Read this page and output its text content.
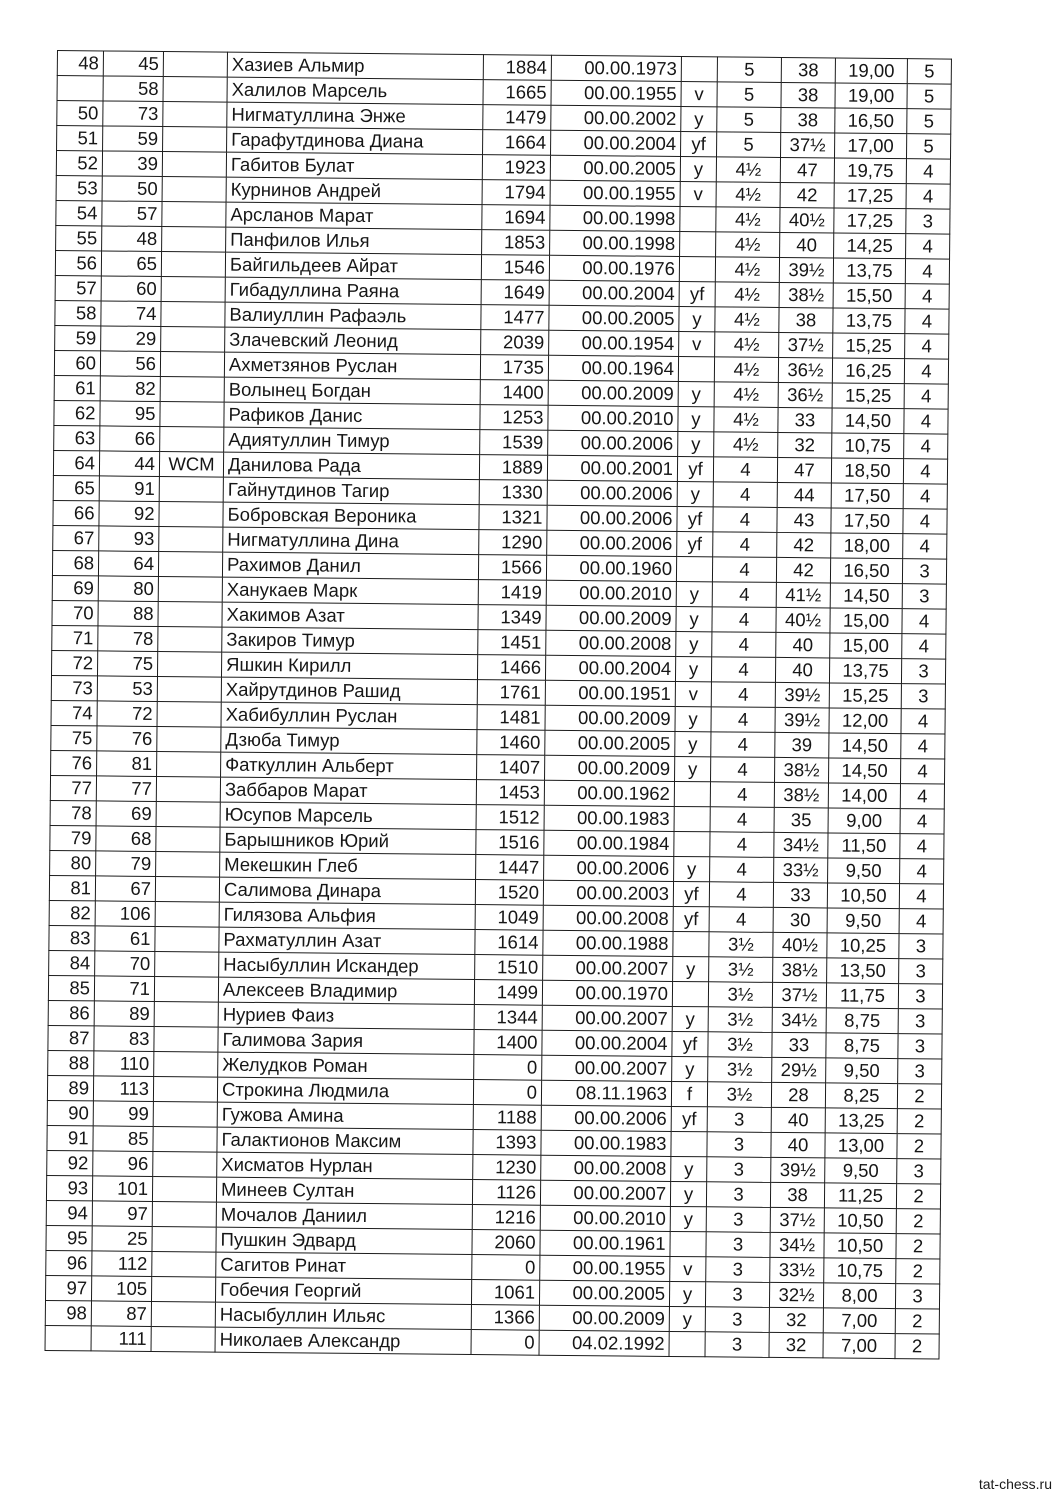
48	45		Хазиев Альмир	1884	00.00.1973		5	38	19,00	5
	58		Халилов Марсель	1665	00.00.1955	v	5	38	19,00	5
50	73		Нигматуллина Энже	1479	00.00.2002	y	5	38	16,50	5
51	59		Гарафутдинова Диана	1664	00.00.2004	yf	5	37½	17,00	5
52	39		Габитов Булат	1923	00.00.2005	y	4½	47	19,75	4
53	50		Курнинов Андрей	1794	00.00.1955	v	4½	42	17,25	4
54	57		Арсланов Марат	1694	00.00.1998		4½	40½	17,25	3
55	48		Панфилов Илья	1853	00.00.1998		4½	40	14,25	4
56	65		Байгильдеев Айрат	1546	00.00.1976		4½	39½	13,75	4
57	60		Гибадуллина Раяна	1649	00.00.2004	yf	4½	38½	15,50	4
58	74		Валиуллин Рафаэль	1477	00.00.2005	y	4½	38	13,75	4
59	29		Злачевский Леонид	2039	00.00.1954	v	4½	37½	15,25	4
60	56		Ахметзянов Руслан	1735	00.00.1964		4½	36½	16,25	4
61	82		Волынец Богдан	1400	00.00.2009	y	4½	36½	15,25	4
62	95		Рафиков Данис	1253	00.00.2010	y	4½	33	14,50	4
63	66		Адиятуллин Тимур	1539	00.00.2006	y	4½	32	10,75	4
64	44	WCM	Данилова Рада	1889	00.00.2001	yf	4	47	18,50	4
65	91		Гайнутдинов Тагир	1330	00.00.2006	y	4	44	17,50	4
66	92		Бобровская Вероника	1321	00.00.2006	yf	4	43	17,50	4
67	93		Нигматуллина Дина	1290	00.00.2006	yf	4	42	18,00	4
68	64		Рахимов Данил	1566	00.00.1960		4	42	16,50	3
69	80		Ханукаев Марк	1419	00.00.2010	y	4	41½	14,50	3
70	88		Хакимов Азат	1349	00.00.2009	y	4	40½	15,00	4
71	78		Закиров Тимур	1451	00.00.2008	y	4	40	15,00	4
72	75		Яшкин Кирилл	1466	00.00.2004	y	4	40	13,75	3
73	53		Хайрутдинов Рашид	1761	00.00.1951	v	4	39½	15,25	3
74	72		Хабибуллин Руслан	1481	00.00.2009	y	4	39½	12,00	4
75	76		Дзюба Тимур	1460	00.00.2005	y	4	39	14,50	4
76	81		Фаткуллин Альберт	1407	00.00.2009	y	4	38½	14,50	4
77	77		Заббаров Марат	1453	00.00.1962		4	38½	14,00	4
78	69		Юсупов Марсель	1512	00.00.1983		4	35	9,00	4
79	68		Барышников Юрий	1516	00.00.1984		4	34½	11,50	4
80	79		Мекешкин Глеб	1447	00.00.2006	y	4	33½	9,50	4
81	67		Салимова Динара	1520	00.00.2003	yf	4	33	10,50	4
82	106		Гилязова Альфия	1049	00.00.2008	yf	4	30	9,50	4
83	61		Рахматуллин Азат	1614	00.00.1988		3½	40½	10,25	3
84	70		Насыбуллин Искандер	1510	00.00.2007	y	3½	38½	13,50	3
85	71		Алексеев Владимир	1499	00.00.1970		3½	37½	11,75	3
86	89		Нуриев Фаиз	1344	00.00.2007	y	3½	34½	8,75	3
87	83		Галимова Зария	1400	00.00.2004	yf	3½	33	8,75	3
88	110		Желудков Роман	0	00.00.2007	y	3½	29½	9,50	3
89	113		Строкина Людмила	0	08.11.1963	f	3½	28	8,25	2
90	99		Гужова Амина	1188	00.00.2006	yf	3	40	13,25	2
91	85		Галактионов Максим	1393	00.00.1983		3	40	13,00	2
92	96		Хисматов Нурлан	1230	00.00.2008	y	3	39½	9,50	3
93	101		Минеев Султан	1126	00.00.2007	y	3	38	11,25	2
94	97		Мочалов Даниил	1216	00.00.2010	y	3	37½	10,50	2
95	25		Пушкин Эдвард	2060	00.00.1961		3	34½	10,50	2
96	112		Сагитов Ринат	0	00.00.1955	v	3	33½	10,75	2
97	105		Гобечия Георгий	1061	00.00.2005	y	3	32½	8,00	3
98	87		Насыбуллин Ильяс	1366	00.00.2009	y	3	32	7,00	2
	111		Николаев Александр	0	04.02.1992		3	32	7,00	2
tat-chess.ru
